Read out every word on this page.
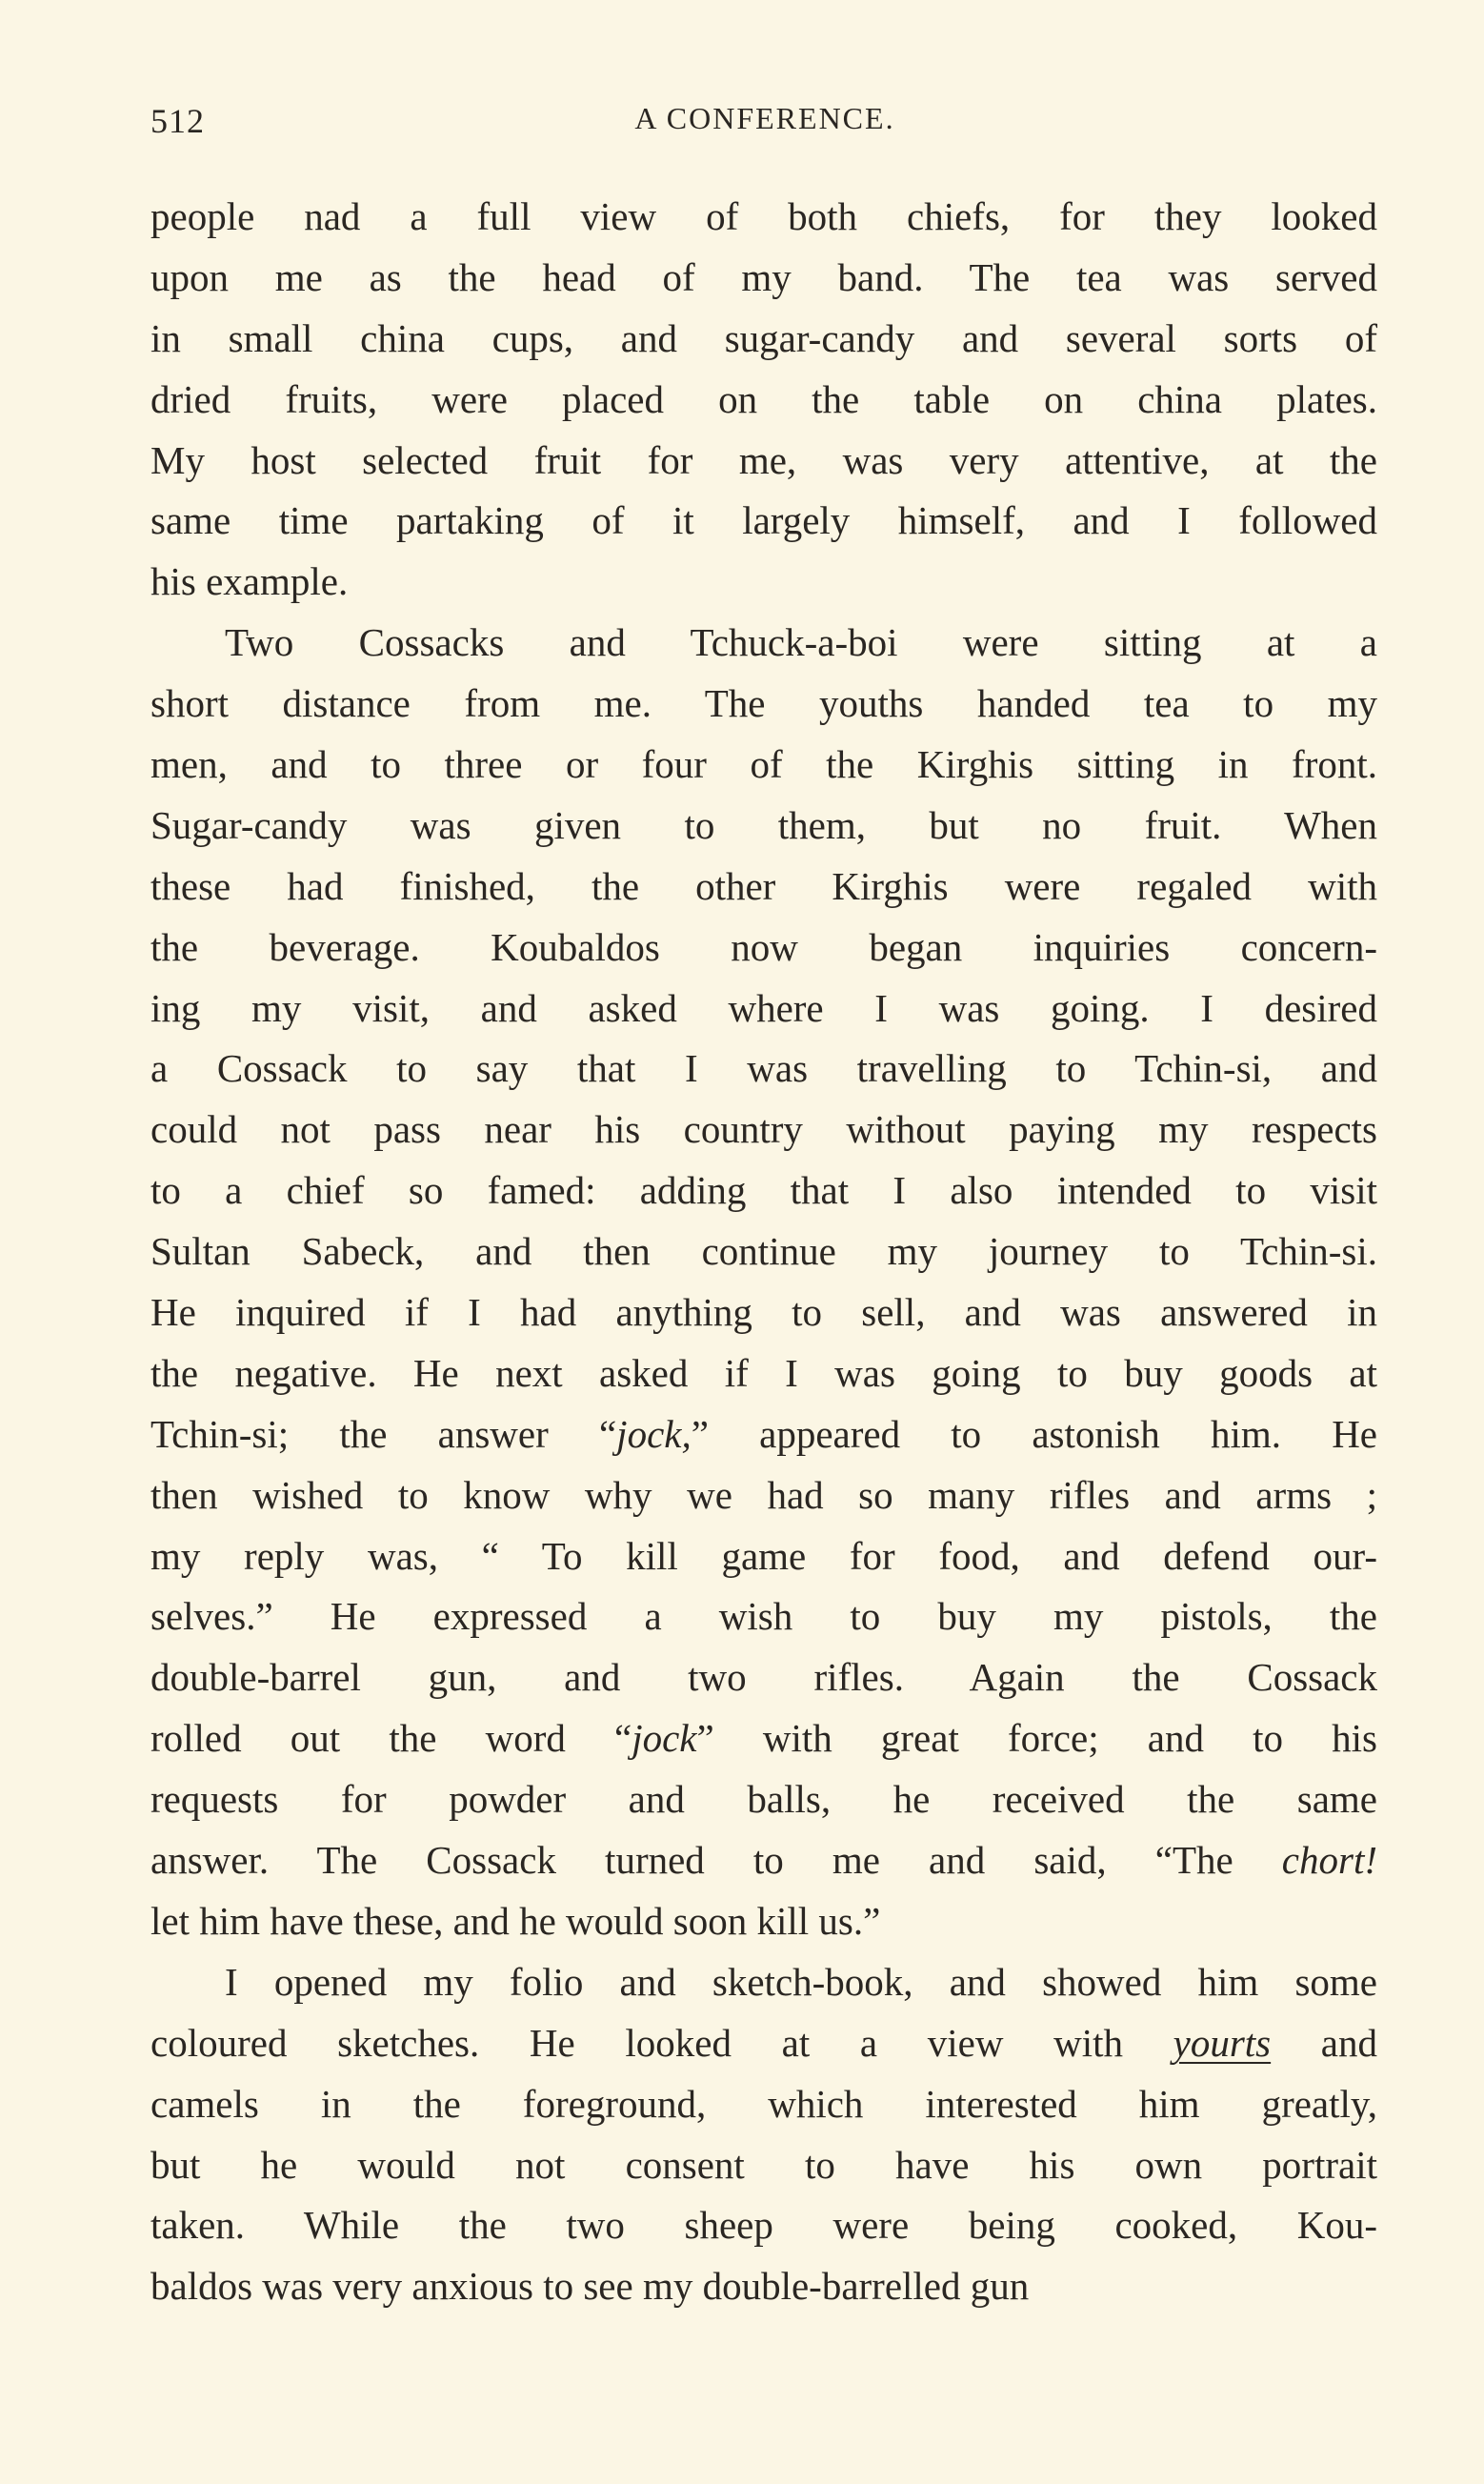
512	A CONFERENCE.
people nad a full view of both chiefs, for they looked
upon me as the head of my band. The tea was served
in small china cups, and sugar-candy and several sorts of
dried fruits, were placed on the table on china plates.
My host selected fruit for me, was very attentive, at the
same time partaking of it largely himself, and I followed
his example.
Two Cossacks and Tchuck-a-boi were sitting at a
short distance from me. The youths handed tea to my
men, and to three or four of the Kirghis sitting in front.
Sugar-candy was given to them, but no fruit. When
these had finished, the other Kirghis were regaled with
the beverage. Koubaldos now began inquiries concern-
ing my visit, and asked where I was going. I desired
a Cossack to say that I was travelling to Tchin-si, and
could not pass near his country without paying my respects
to a chief so famed: adding that I also intended to visit
Sultan Sabeck, and then continue my journey to Tchin-si.
He inquired if I had anything to sell, and was answered in
the negative. He next asked if I was going to buy goods at
Tchin-si; the answer “jock,” appeared to astonish him. He
then wished to know why we had so many rifles and arms ;
my reply was, “ To kill game for food, and defend our-
selves.” He expressed a wish to buy my pistols, the
double-barrel gun, and two rifles. Again the Cossack
rolled out the word “jock” with great force; and to his
requests for powder and balls, he received the same
answer. The Cossack turned to me and said, “The chort!
let him have these, and he would soon kill us.”
I opened my folio and sketch-book, and showed him some
coloured sketches. He looked at a view with yourts and
camels in the foreground, which interested him greatly,
but he would not consent to have his own portrait
taken. While the two sheep were being cooked, Kou-
baldos was very anxious to see my double-barrelled gun
